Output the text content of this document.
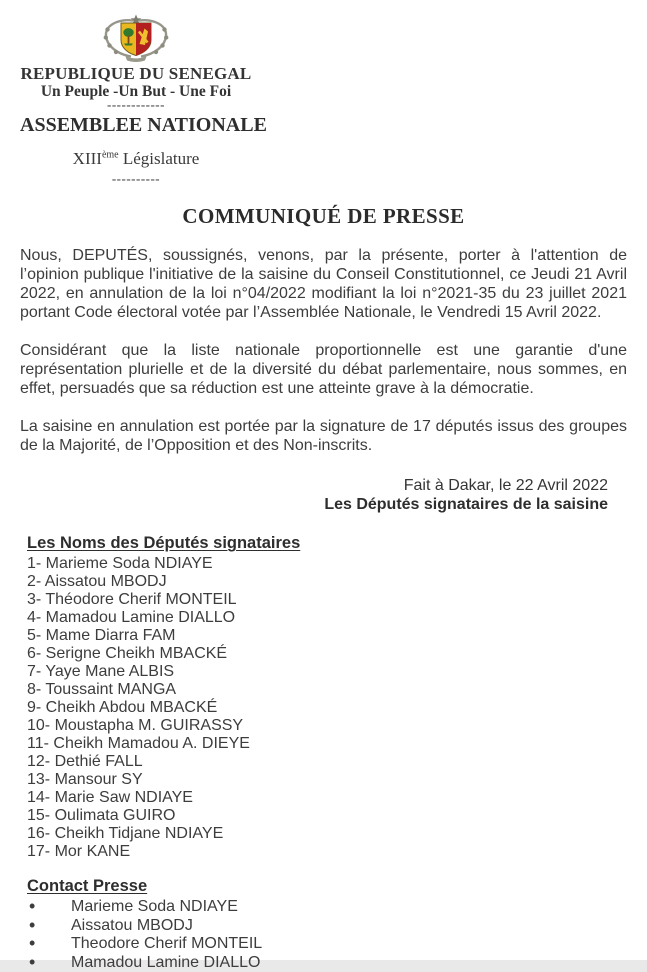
REPUBLIQUE DU SENEGAL
Un Peuple -Un But - Une Foi
------------
ASSEMBLEE NATIONALE
XIIIème Législature
----------
COMMUNIQUÉ DE PRESSE

Nous, DEPUTÉS, soussignés, venons, par la présente, porter à l'attention de l’opinion publique l'initiative de la saisine du Conseil Constitutionnel, ce Jeudi 21 Avril 2022, en annulation de la loi n°04/2022 modifiant la loi n°2021-35 du 23 juillet 2021 portant Code électoral votée par l’Assemblée Nationale, le Vendredi 15 Avril 2022.

Considérant que la liste nationale proportionnelle est une garantie d'une représentation plurielle et de la diversité du débat parlementaire, nous sommes, en effet, persuadés que sa réduction est une atteinte grave à la démocratie.

La saisine en annulation est portée par la signature de 17 députés issus des groupes de la Majorité, de l’Opposition et des Non-inscrits.

Fait à Dakar, le 22 Avril 2022
Les Députés signataires de la saisine
Les Noms des Députés signataires
1- Marieme Soda NDIAYE
2- Aissatou MBODJ
3- Théodore Cherif MONTEIL
4- Mamadou Lamine DIALLO
5- Mame Diarra FAM
6- Serigne Cheikh MBACKÉ
7- Yaye Mane ALBIS
8- Toussaint MANGA
9- Cheikh Abdou MBACKÉ
10- Moustapha M. GUIRASSY
11- Cheikh Mamadou A. DIEYE
12- Dethié FALL
13- Mansour SY
14- Marie Saw NDIAYE
15- Oulimata GUIRO
16- Cheikh Tidjane NDIAYE
17- Mor KANE
Contact Presse
• Marieme Soda NDIAYE
• Aissatou MBODJ
• Theodore Cherif MONTEIL
• Mamadou Lamine DIALLO
